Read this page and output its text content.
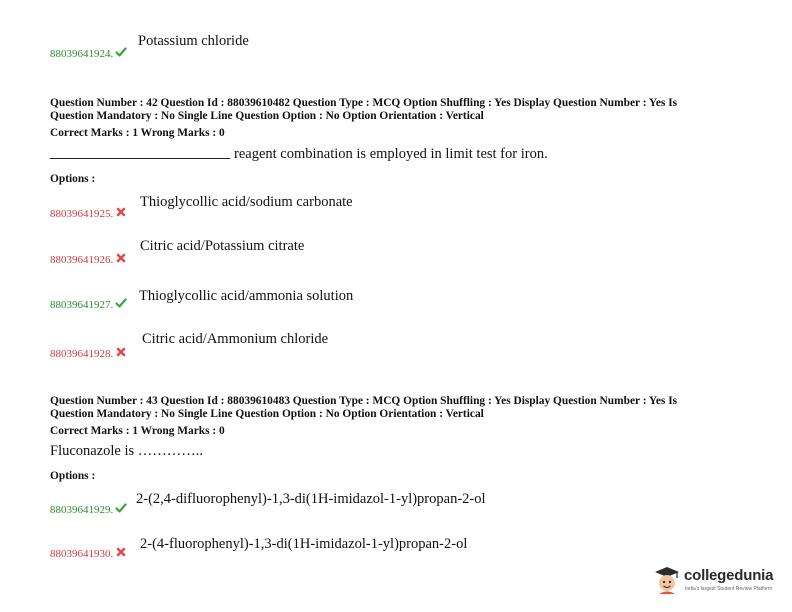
88039641924.
Potassium chloride
Question Number : 42 Question Id : 88039610482 Question Type : MCQ Option Shuffling : Yes Display Question Number : Yes Is
Question Mandatory : No Single Line Question Option : No Option Orientation : Vertical
Correct Marks : 1 Wrong Marks : 0
reagent combination is employed in limit test for iron.
Options :
88039641925.
Thioglycollic acid/sodium carbonate
88039641926.
Citric acid/Potassium citrate
88039641927.
Thioglycollic acid/ammonia solution
88039641928.
Citric acid/Ammonium chloride
Question Number : 43 Question Id : 88039610483 Question Type : MCQ Option Shuffling : Yes Display Question Number : Yes Is
Question Mandatory : No Single Line Question Option : No Option Orientation : Vertical
Correct Marks : 1 Wrong Marks : 0
Fluconazole is …………..
Options :
88039641929.
2-(2,4-difluorophenyl)-1,3-di(1H-imidazol-1-yl)propan-2-ol
88039641930.
2-(4-fluorophenyl)-1,3-di(1H-imidazol-1-yl)propan-2-ol
collegedunia
India's largest Student Review Platform
